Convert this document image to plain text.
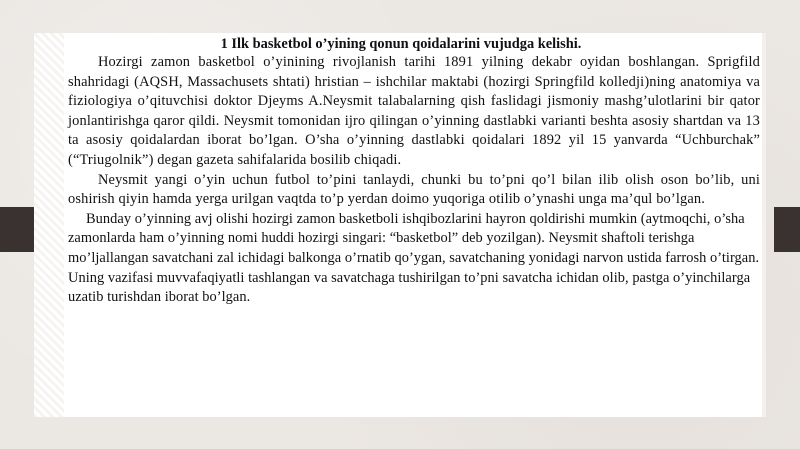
1 Ilk basketbol o’yining qonun qoidalarini vujudga kelishi.

Hozirgi zamon basketbol o’yinining rivojlanish tarihi 1891 yilning dekabr oyidan boshlangan. Sprigfild shahridagi (AQSH, Massachusets shtati) hristian – ishchilar maktabi (hozirgi Springfild kolledji)ning anatomiya va fiziologiya o’qituvchisi doktor Djeyms A.Neysmit talabalarning qish faslidagi jismoniy mashg’ulotlarini bir qator jonlantirishga qaror qildi. Neysmit tomonidan ijro qilingan o’yinning dastlabki varianti beshta asosiy shartdan va 13 ta asosiy qoidalardan iborat bo’lgan. O’sha o’yinning dastlabki qoidalari 1892 yil 15 yanvarda “Uchburchak” (“Triugolnik”) degan gazeta sahifalarida bosilib chiqadi.

Neysmit yangi o’yin uchun futbol to’pini tanlaydi, chunki bu to’pni qo’l bilan ilib olish oson bo’lib, uni oshirish qiyin hamda yerga urilgan vaqtda to’p yerdan doimo yuqoriga otilib o’ynashi unga ma’qul bo’lgan.

Bunday o’yinning avj olishi hozirgi zamon basketboli ishqibozlarini hayron qoldirishi mumkin (aytmoqchi, o’sha zamonlarda ham o’yinning nomi huddi hozirgi singari: “basketbol” deb yozilgan). Neysmit shaftoli terishga mo’ljallangan savatchani zal ichidagi balkonga o’rnatib qo’ygan, savatchaning yonidagi narvon ustida farrosh o’tirgan. Uning vazifasi muvvafaqiyatli tashlangan va savatchaga tushirilgan to’pni savatcha ichidan olib, pastga o’yinchilarga uzatib turishdan iborat bo’lgan.
